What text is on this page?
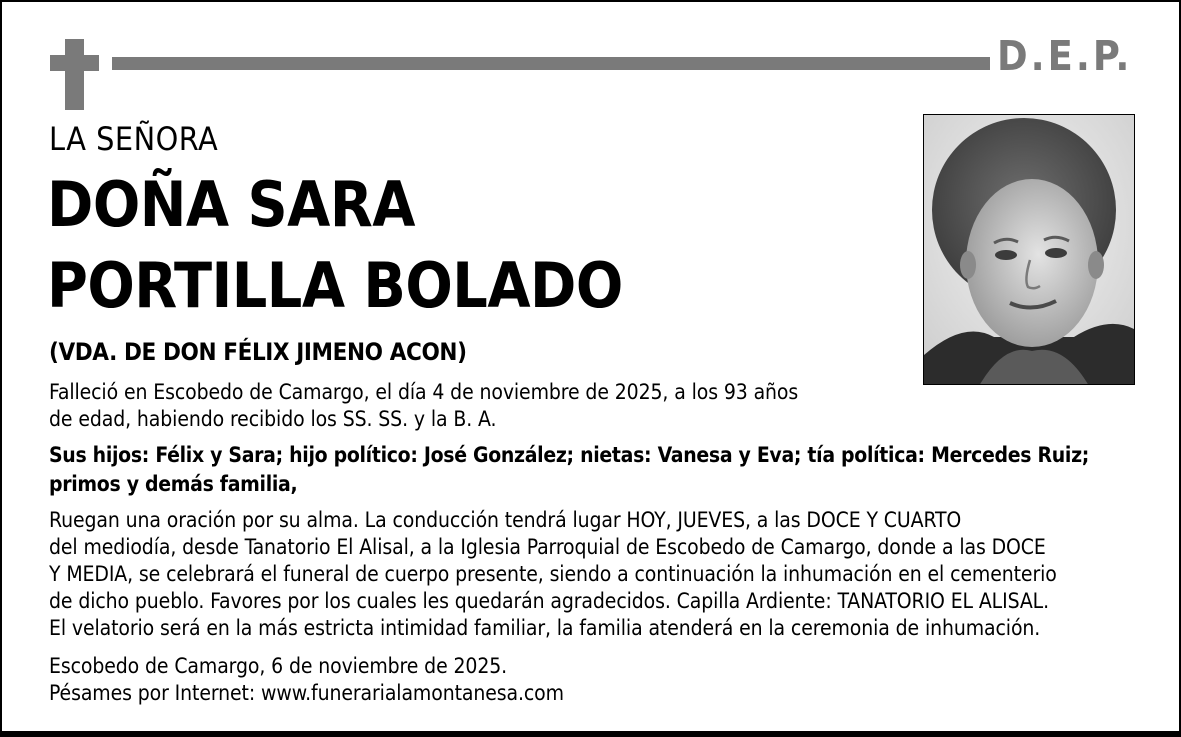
D.E.P.
LA SEÑORA
DOÑA SARA
PORTILLA BOLADO
(VDA. DE DON FÉLIX JIMENO ACON)
Falleció en Escobedo de Camargo, el día 4 de noviembre de 2025, a los 93 años
de edad, habiendo recibido los SS. SS. y la B. A.
Sus hijos: Félix y Sara; hijo político: José González; nietas: Vanesa y Eva; tía política: Mercedes Ruiz;
primos y demás familia,
Ruegan una oración por su alma. La conducción tendrá lugar HOY, JUEVES, a las DOCE Y CUARTO
del mediodía, desde Tanatorio El Alisal, a la Iglesia Parroquial de Escobedo de Camargo, donde a las DOCE
Y MEDIA, se celebrará el funeral de cuerpo presente, siendo a continuación la inhumación en el cementerio
de dicho pueblo. Favores por los cuales les quedarán agradecidos. Capilla Ardiente: TANATORIO EL ALISAL.
El velatorio será en la más estricta intimidad familiar, la familia atenderá en la ceremonia de inhumación.
Escobedo de Camargo, 6 de noviembre de 2025.
Pésames por Internet: www.funerarialamontanesa.com
